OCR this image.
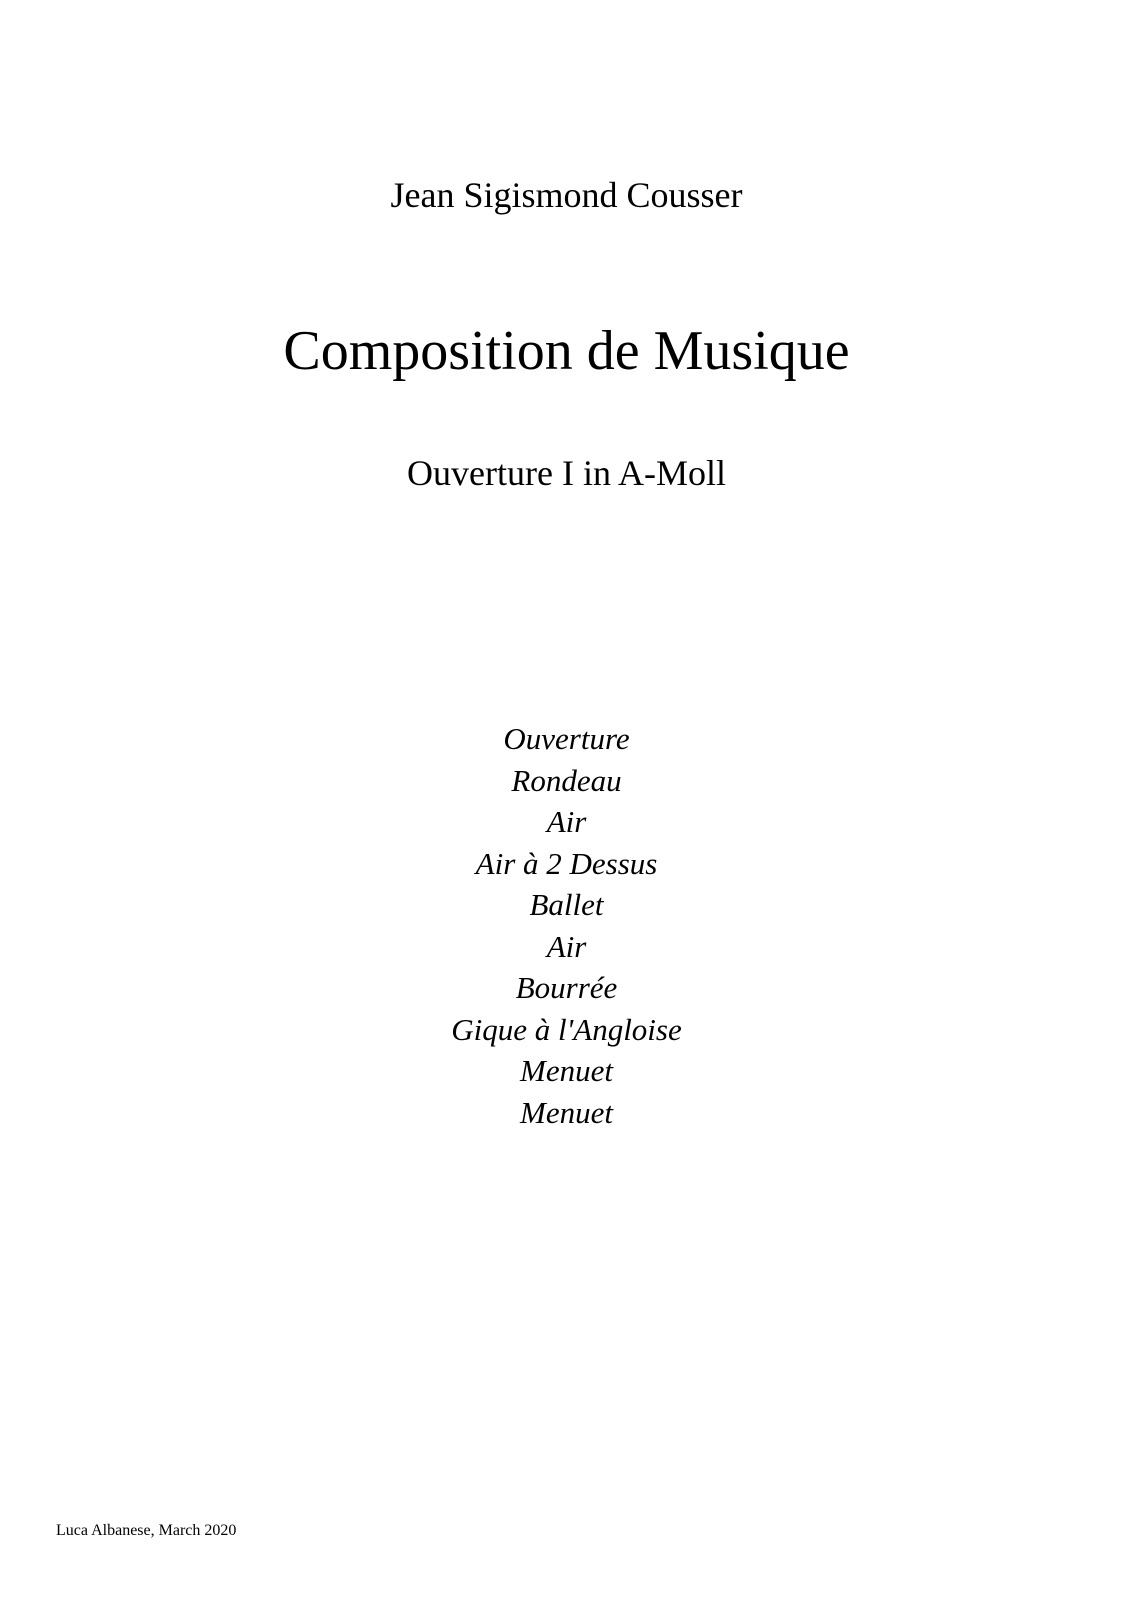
Jean Sigismond Cousser
Composition de Musique
Ouverture I in A-Moll
Ouverture
Rondeau
Air
Air à 2 Dessus
Ballet
Air
Bourrée
Gique à l'Angloise
Menuet
Menuet
Luca Albanese, March 2020
